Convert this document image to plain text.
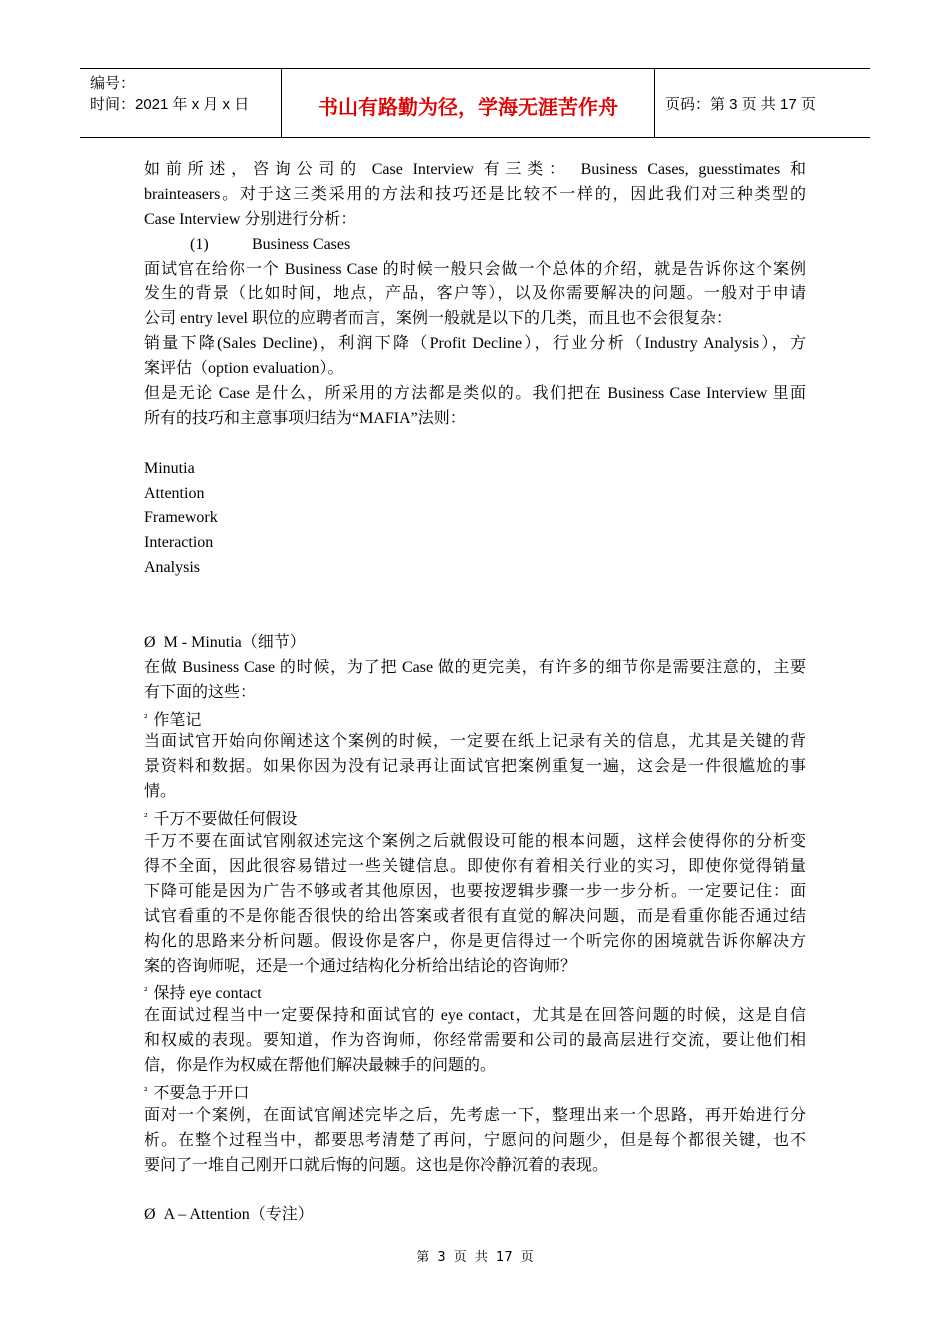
编号：
时间：2021 年 x 月 x 日	书山有路勤为径，学海无涯苦作舟	页码：第 3 页 共 17 页
如前所述，咨询公司的 Case Interview 有三类： Business Cases, guesstimates 和
brainteasers。对于这三类采用的方法和技巧还是比较不一样的，因此我们对三种类型的
Case Interview 分别进行分析：
(1)	Business Cases
面试官在给你一个 Business Case 的时候一般只会做一个总体的介绍，就是告诉你这个案例
发生的背景（比如时间，地点，产品，客户等），以及你需要解决的问题。一般对于申请
公司 entry level 职位的应聘者而言，案例一般就是以下的几类，而且也不会很复杂：
销量下降(Sales Decline)，利润下降（Profit Decline），行业分析（Industry Analysis），方
案评估（option evaluation）。
但是无论 Case 是什么，所采用的方法都是类似的。我们把在 Business Case Interview 里面
所有的技巧和主意事项归结为“MAFIA”法则：
Minutia
Attention
Framework
Interaction
Analysis
Ø M - Minutia（细节）
在做 Business Case 的时候，为了把 Case 做的更完美，有许多的细节你是需要注意的，主要
有下面的这些：
$^{^2}$ 作笔记
当面试官开始向你阐述这个案例的时候，一定要在纸上记录有关的信息，尤其是关键的背
景资料和数据。如果你因为没有记录再让面试官把案例重复一遍，这会是一件很尴尬的事
情。
$^{^2}$ 千万不要做任何假设
千万不要在面试官刚叙述完这个案例之后就假设可能的根本问题，这样会使得你的分析变
得不全面，因此很容易错过一些关键信息。即使你有着相关行业的实习，即使你觉得销量
下降可能是因为广告不够或者其他原因，也要按逻辑步骤一步一步分析。一定要记住：面
试官看重的不是你能否很快的给出答案或者很有直觉的解决问题，而是看重你能否通过结
构化的思路来分析问题。假设你是客户，你是更信得过一个听完你的困境就告诉你解决方
案的咨询师呢，还是一个通过结构化分析给出结论的咨询师？
$^{^2}$ 保持 eye contact
在面试过程当中一定要保持和面试官的 eye contact，尤其是在回答问题的时候，这是自信
和权威的表现。要知道，作为咨询师，你经常需要和公司的最高层进行交流，要让他们相
信，你是作为权威在帮他们解决最棘手的问题的。
$^{^2}$ 不要急于开口
面对一个案例，在面试官阐述完毕之后，先考虑一下，整理出来一个思路，再开始进行分
析。在整个过程当中，都要思考清楚了再问，宁愿问的问题少，但是每个都很关键，也不
要问了一堆自己刚开口就后悔的问题。这也是你冷静沉着的表现。
Ø A – Attention（专注）
第 3 页 共 17 页
